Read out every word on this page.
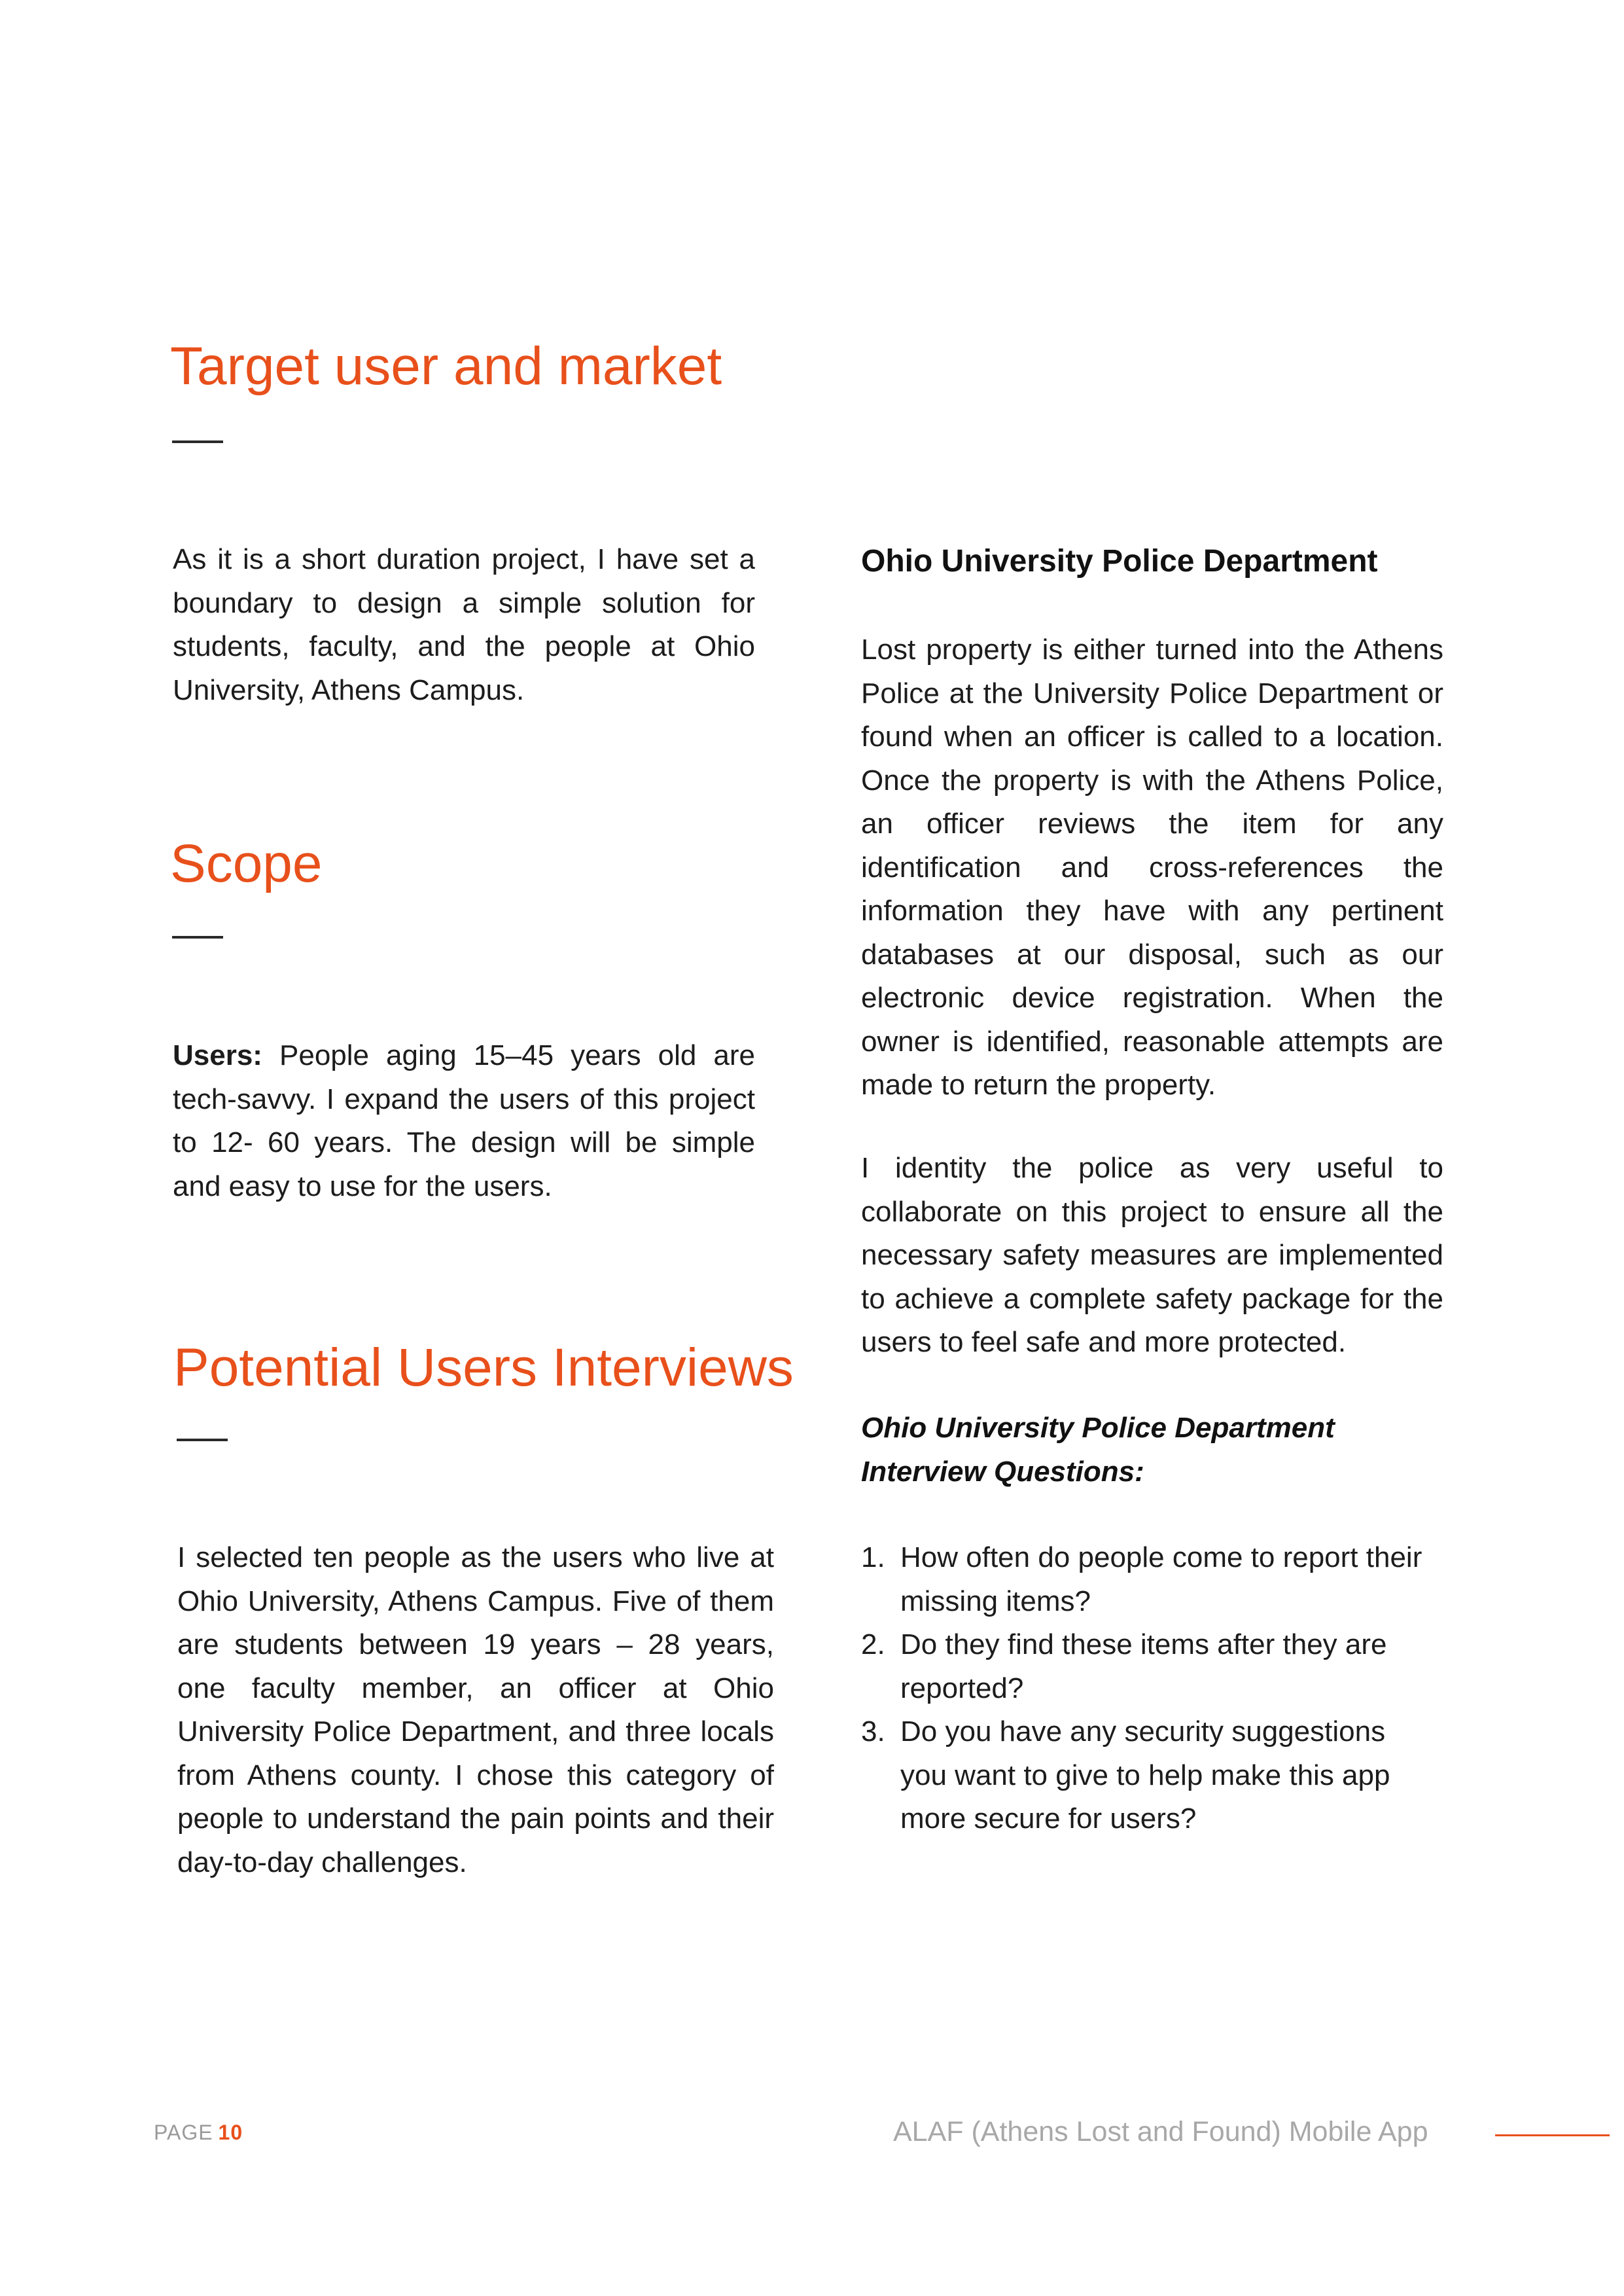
Target user and market

As it is a short duration project, I have set a boundary to design a simple solution for students, faculty, and the people at Ohio University, Athens Campus.

Scope

Users: People aging 15–45 years old are tech-savvy. I expand the users of this project to 12- 60 years. The design will be simple and easy to use for the users.

Potential Users Interviews

I selected ten people as the users who live at Ohio University, Athens Campus. Five of them are students between 19 years – 28 years, one faculty member, an officer at Ohio University Police Department, and three locals from Athens county. I chose this category of people to understand the pain points and their day-to-day challenges.

Ohio University Police Department

Lost property is either turned into the Athens Police at the University Police Department or found when an officer is called to a location. Once the property is with the Athens Police, an officer reviews the item for any identification and cross-references the information they have with any pertinent databases at our disposal, such as our electronic device registration. When the owner is identified, reasonable attempts are made to return the property.

I identity the police as very useful to collaborate on this project to ensure all the necessary safety measures are implemented to achieve a complete safety package for the users to feel safe and more protected.

Ohio University Police Department
Interview Questions:

1. How often do people come to report their missing items?
2. Do they find these items after they are reported?
3. Do you have any security suggestions you want to give to help make this app more secure for users?
PAGE 10	ALAF (Athens Lost and Found) Mobile App
